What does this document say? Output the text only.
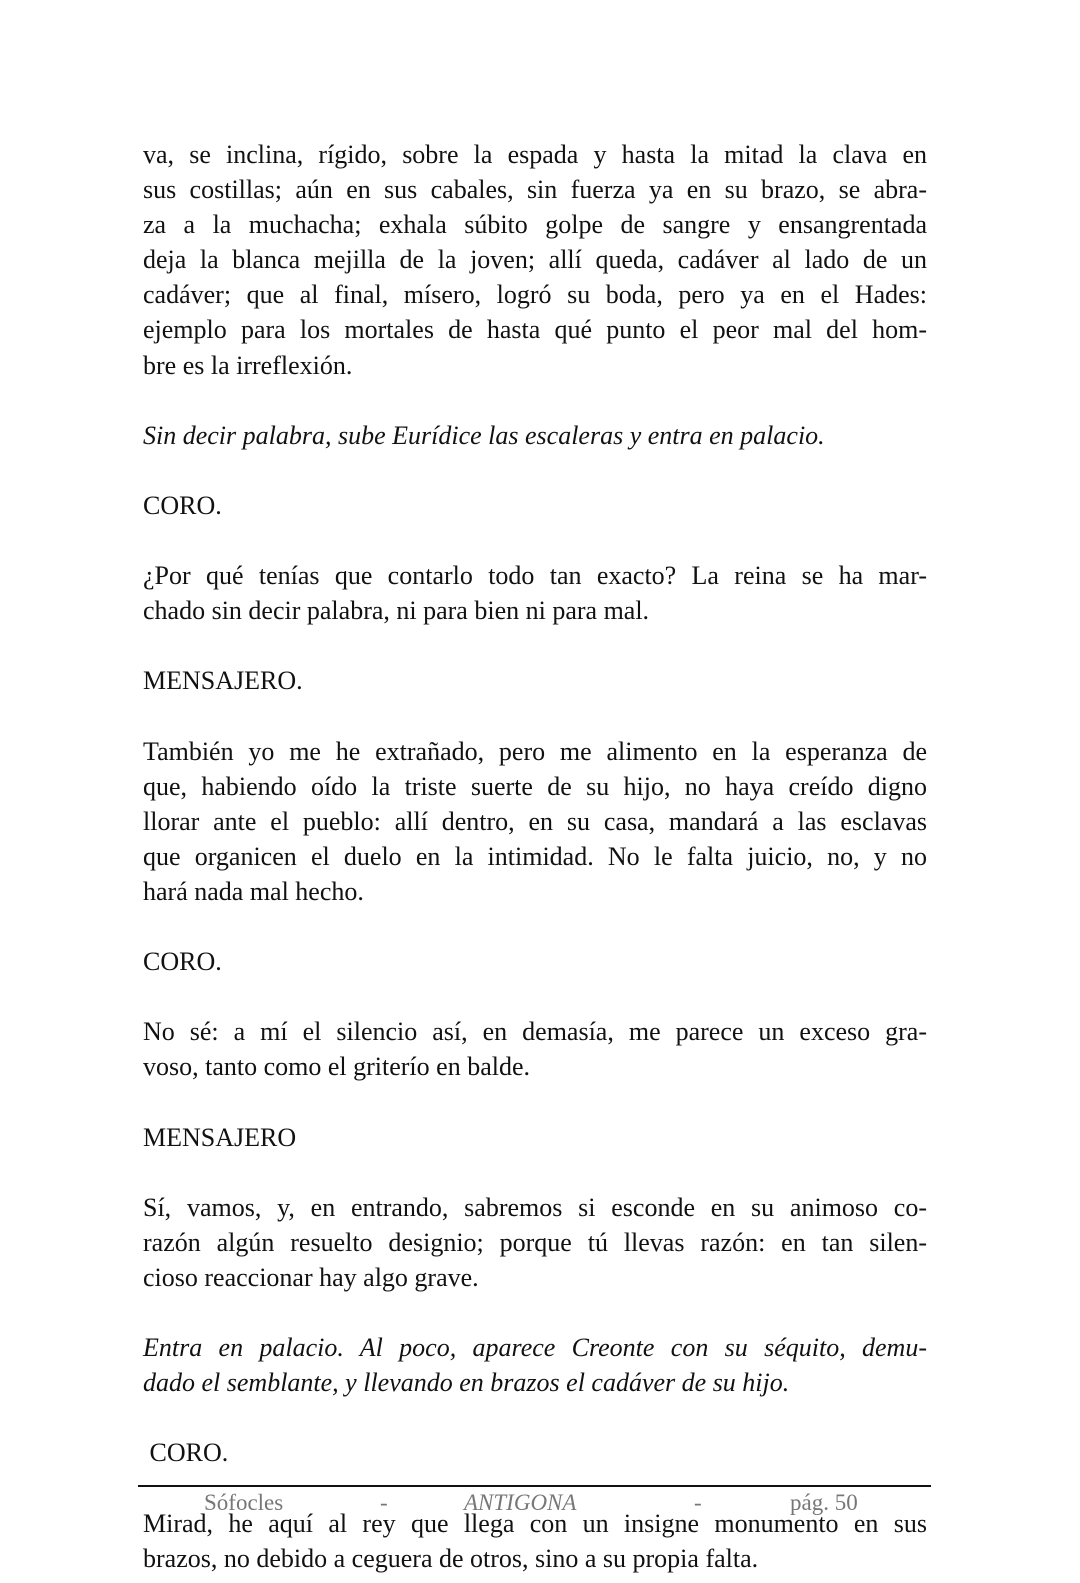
va, se inclina, rígido, sobre la espada y hasta la mitad la clava en
sus costillas; aún en sus cabales, sin fuerza ya en su brazo, se abra-
za a la muchacha; exhala súbito golpe de sangre y ensangrentada
deja la blanca mejilla de la joven; allí queda, cadáver al lado de un
cadáver; que al final, mísero, logró su boda, pero ya en el Hades:
ejemplo para los mortales de hasta qué punto el peor mal del hom-
bre es la irreflexión.
Sin decir palabra, sube Eurídice las escaleras y entra en palacio.
CORO.
¿Por qué tenías que contarlo todo tan exacto? La reina se ha mar-
chado sin decir palabra, ni para bien ni para mal.
MENSAJERO.
También yo me he extrañado, pero me alimento en la esperanza de
que, habiendo oído la triste suerte de su hijo, no haya creído digno
llorar ante el pueblo: allí dentro, en su casa, mandará a las esclavas
que organicen el duelo en la intimidad. No le falta juicio, no, y no
hará nada mal hecho.
CORO.
No sé: a mí el silencio así, en demasía, me parece un exceso gra-
voso, tanto como el griterío en balde.
MENSAJERO
Sí, vamos, y, en entrando, sabremos si esconde en su animoso co-
razón algún resuelto designio; porque tú llevas razón: en tan silen-
cioso reaccionar hay algo grave.
Entra en palacio. Al poco, aparece Creonte con su séquito, demu-
dado el semblante, y llevando en brazos el cadáver de su hijo.
CORO.
Mirad, he aquí al rey que llega con un insigne monumento en sus
brazos, no debido a ceguera de otros, sino a su propia falta.
Sófocles	-	ANTIGONA	-	pág. 50
